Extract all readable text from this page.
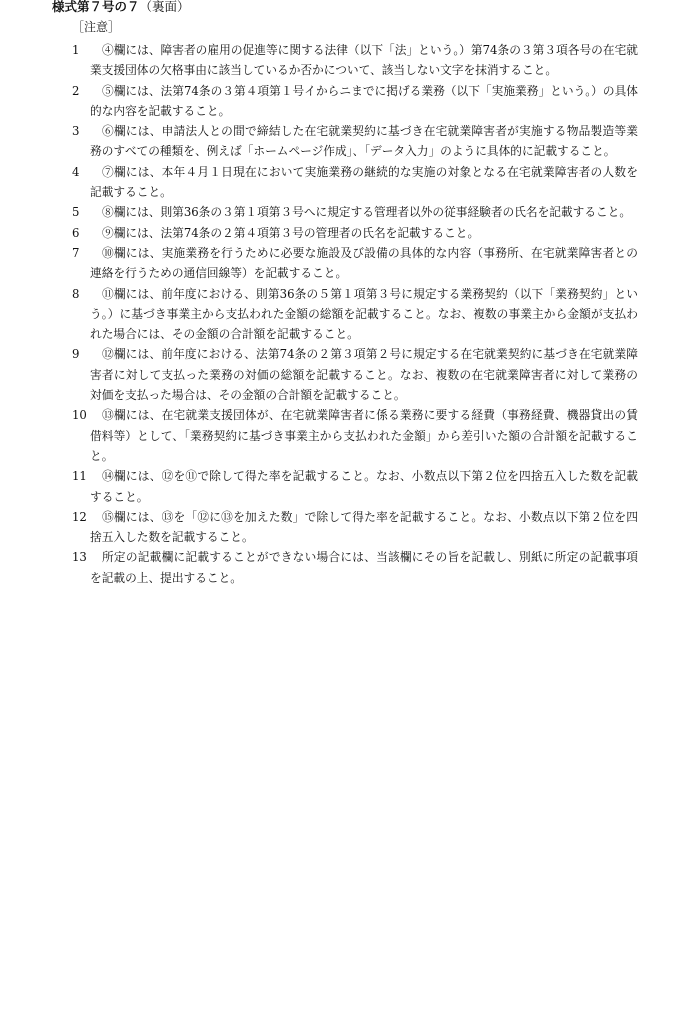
様式第７号の７（裏面）
［注意］
1	④欄には、障害者の雇用の促進等に関する法律（以下「法」という。）第74条の３第３項各号の在宅就業支援団体の欠格事由に該当しているか否かについて、該当しない文字を抹消すること。
2	⑤欄には、法第74条の３第４項第１号イからニまでに掲げる業務（以下「実施業務」という。）の具体的な内容を記載すること。
3	⑥欄には、申請法人との間で締結した在宅就業契約に基づき在宅就業障害者が実施する物品製造等業務のすべての種類を、例えば「ホームページ作成」、「データ入力」のように具体的に記載すること。
4	⑦欄には、本年４月１日現在において実施業務の継続的な実施の対象となる在宅就業障害者の人数を記載すること。
5	⑧欄には、則第36条の３第１項第３号へに規定する管理者以外の従事経験者の氏名を記載すること。
6	⑨欄には、法第74条の２第４項第３号の管理者の氏名を記載すること。
7	⑩欄には、実施業務を行うために必要な施設及び設備の具体的な内容（事務所、在宅就業障害者との連絡を行うための通信回線等）を記載すること。
8	⑪欄には、前年度における、則第36条の５第１項第３号に規定する業務契約（以下「業務契約」という。）に基づき事業主から支払われた金額の総額を記載すること。なお、複数の事業主から金額が支払われた場合には、その金額の合計額を記載すること。
9	⑫欄には、前年度における、法第74条の２第３項第２号に規定する在宅就業契約に基づき在宅就業障害者に対して支払った業務の対価の総額を記載すること。なお、複数の在宅就業障害者に対して業務の対価を支払った場合は、その金額の合計額を記載すること。
10	⑬欄には、在宅就業支援団体が、在宅就業障害者に係る業務に要する経費（事務経費、機器貸出の賃借料等）として、「業務契約に基づき事業主から支払われた金額」から差引いた額の合計額を記載すること。
11	⑭欄には、⑫を⑪で除して得た率を記載すること。なお、小数点以下第２位を四捨五入した数を記載すること。
12	⑮欄には、⑬を「⑫に⑬を加えた数」で除して得た率を記載すること。なお、小数点以下第２位を四捨五入した数を記載すること。
13	所定の記載欄に記載することができない場合には、当該欄にその旨を記載し、別紙に所定の記載事項を記載の上、提出すること。
